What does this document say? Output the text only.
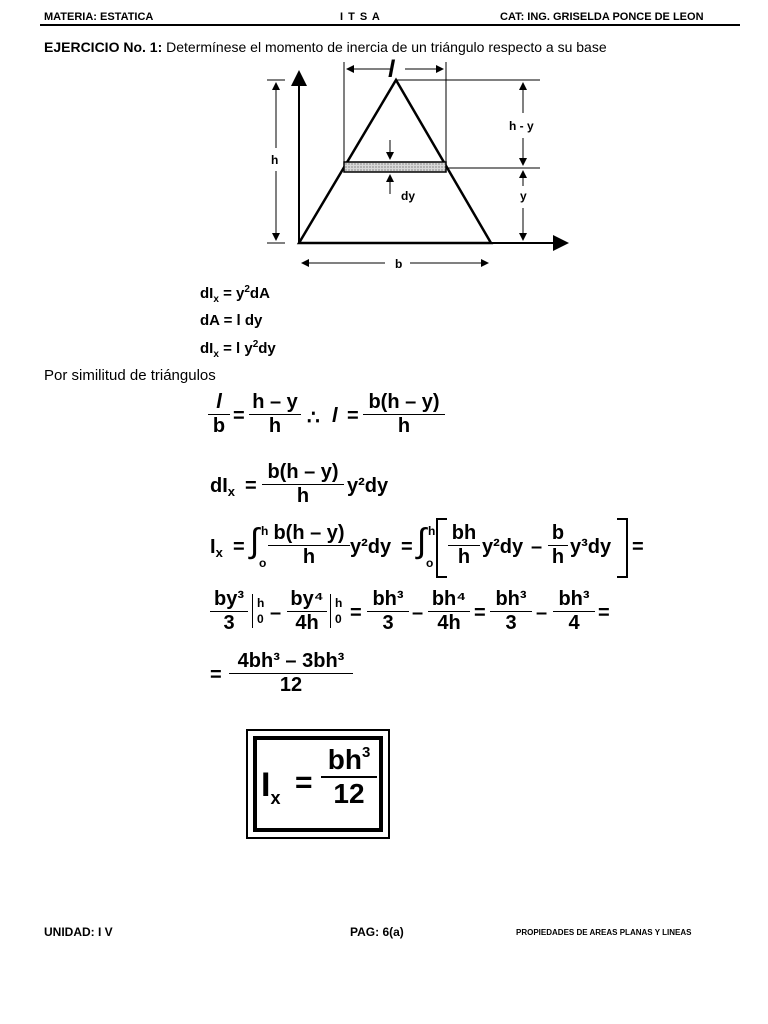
MATERIA: ESTATICA	I T S A	CAT: ING. GRISELDA PONCE DE LEON
EJERCICIO No. 1: Determínese el momento de inercia de un triángulo respecto a su base
l
h
h - y
y
dy
b
$dI_x = y^2dA$
dA = l dy
$dI_x = l$ $y^2dy$
Por similitud de triángulos
l
b =
h – y
h	∴ l =
b(h – y)
h
$dI_x$ =
b(h – y)
h	y²dy
$I_x$ = ∫ h
o
b(h – y)
h	y²dy = ∫ h
o
bh
h y²dy –
b
h y³dy =
by³
3
h
0 –
by⁴
4h
h
0 =
bh³
3 –
bh⁴
4h =
bh³
3 –
bh³
4 =
=
4bh³ – 3bh³
12
$I_x$ =
$bh^3$
12
UNIDAD: I V	PAG: 6(a)	PROPIEDADES DE AREAS PLANAS Y LINEAS
